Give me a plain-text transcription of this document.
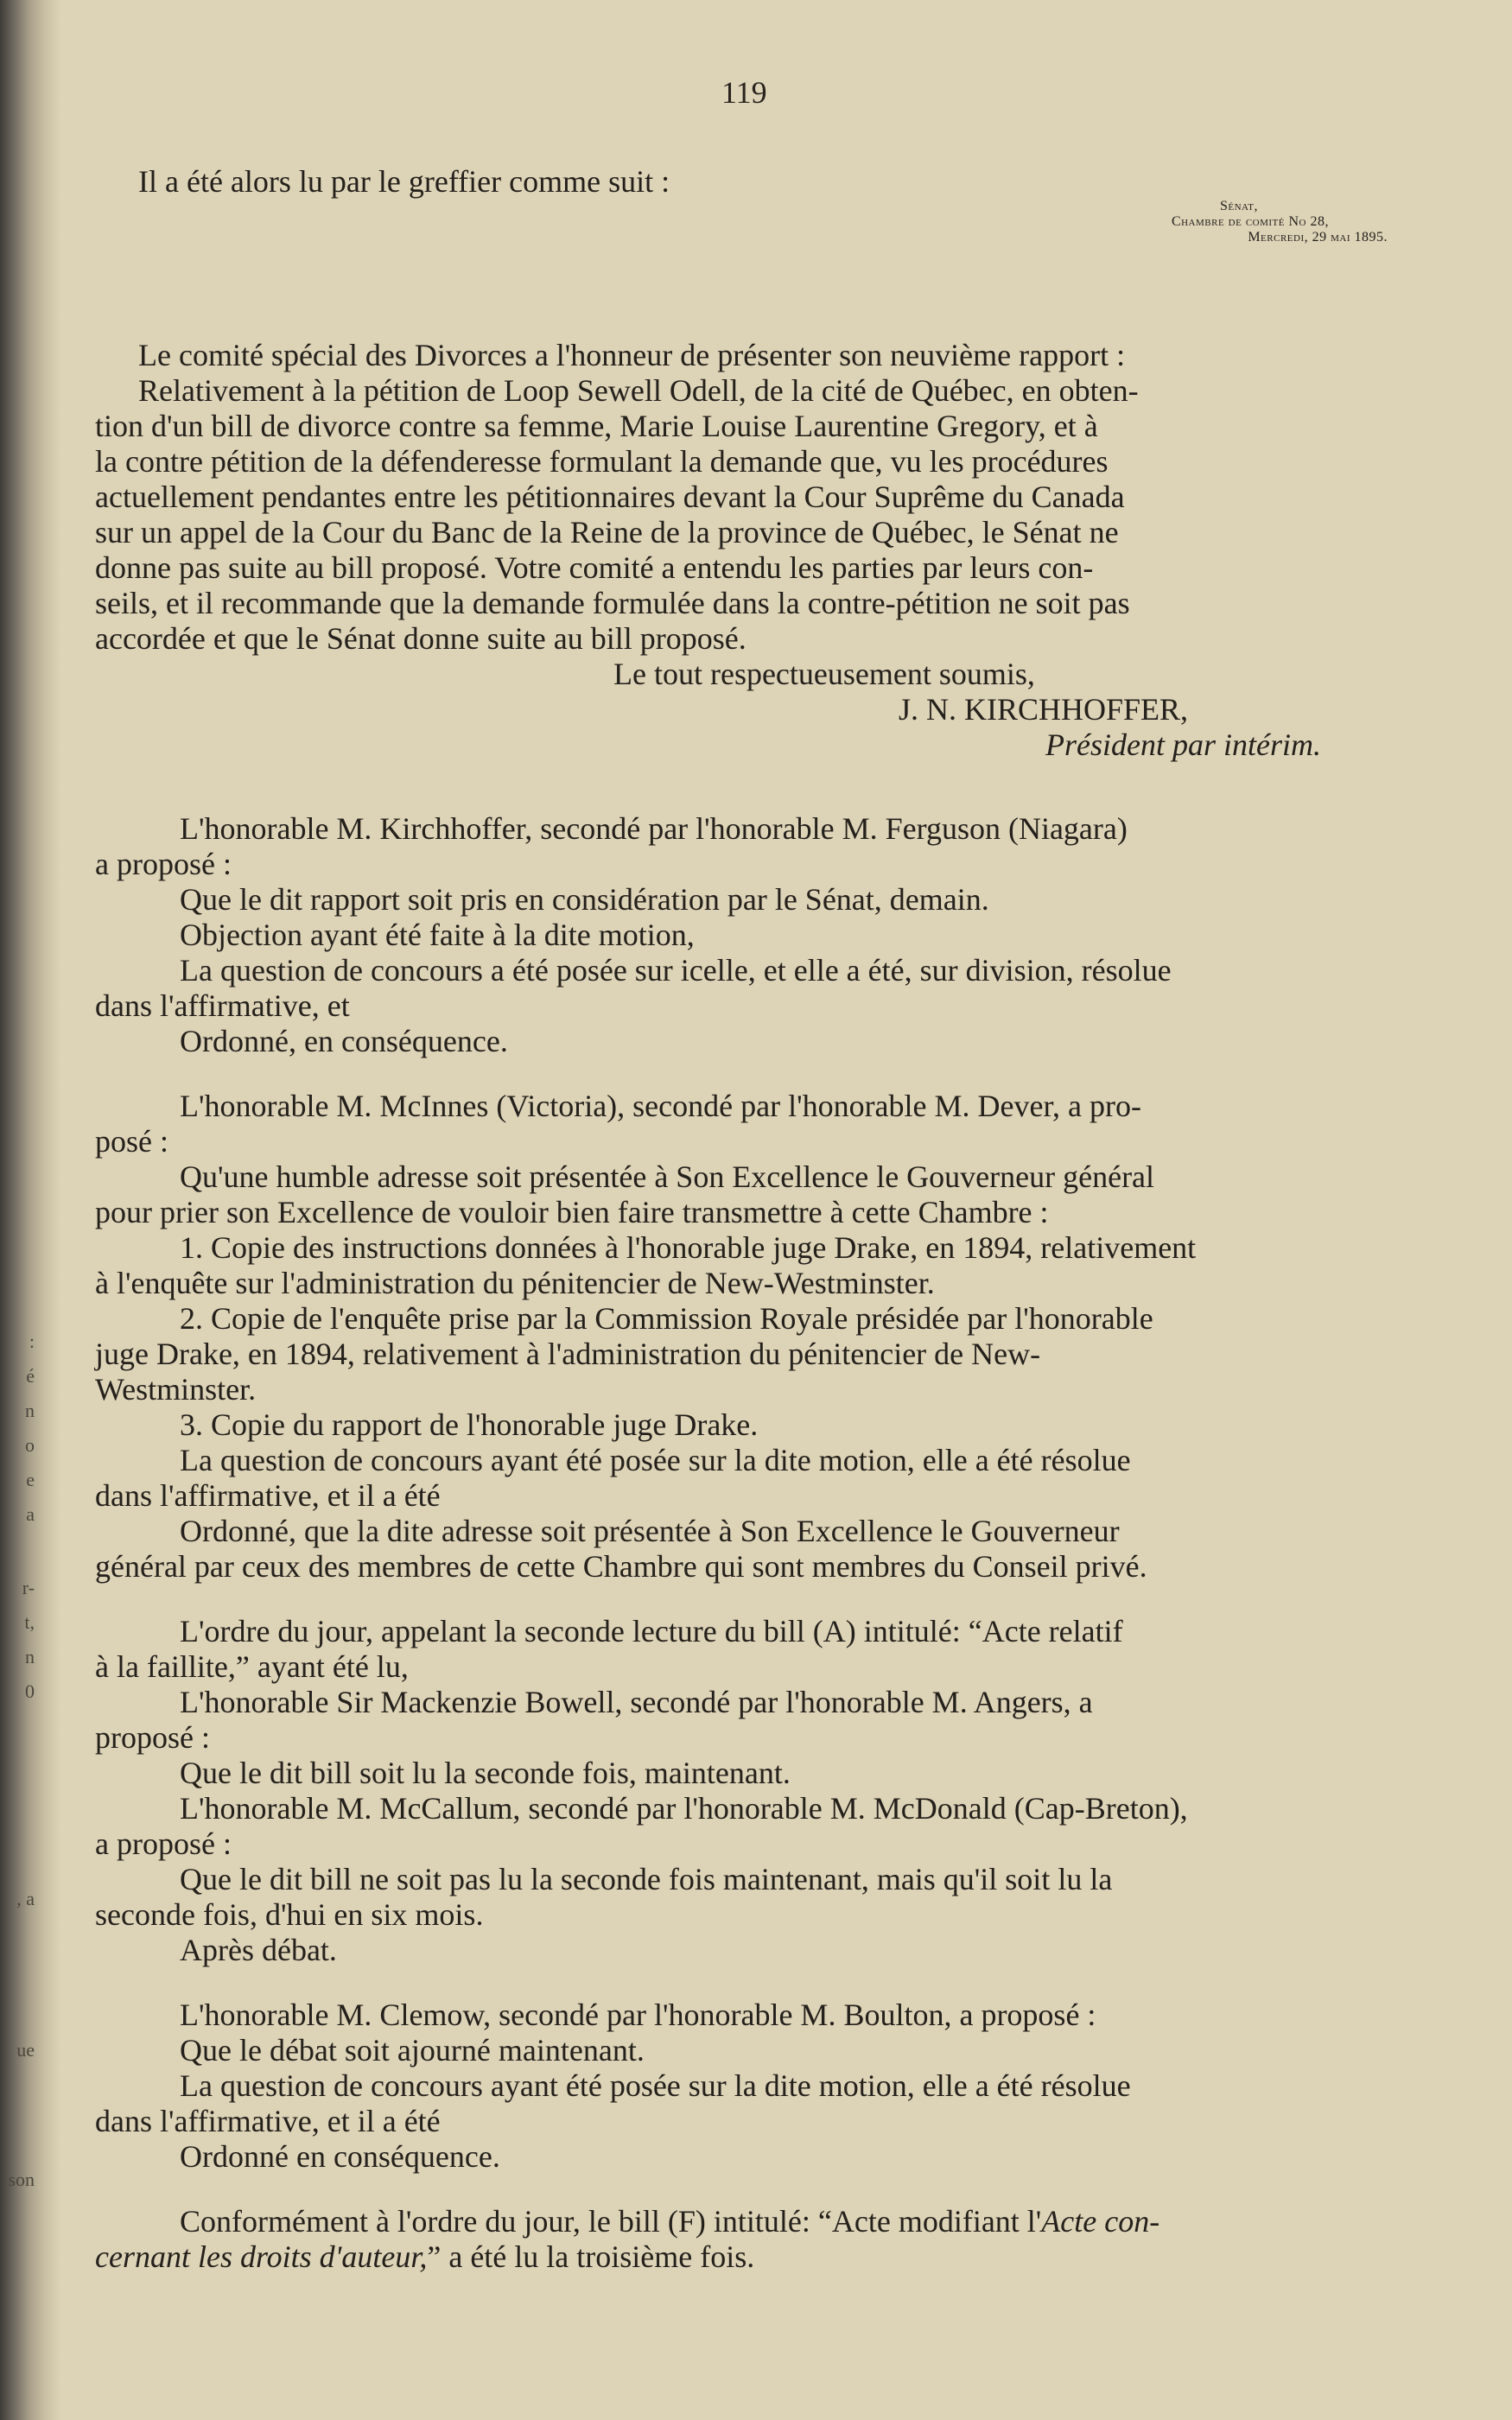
:
é
n
o
e
a
r-
t,
n
0
, a
ue
son
119

Sénat,

Chambre de comité No 28,

Mercredi, 29 mai 1895.

Il a été alors lu par le greffier comme suit :

Le comité spécial des Divorces a l'honneur de présenter son neuvième rapport :

Relativement à la pétition de Loop Sewell Odell, de la cité de Québec, en obten-

tion d'un bill de divorce contre sa femme, Marie Louise Laurentine Gregory, et à

la contre pétition de la défenderesse formulant la demande que, vu les procédures

actuellement pendantes entre les pétitionnaires devant la Cour Suprême du Canada

sur un appel de la Cour du Banc de la Reine de la province de Québec, le Sénat ne

donne pas suite au bill proposé. Votre comité a entendu les parties par leurs con-

seils, et il recommande que la demande formulée dans la contre-pétition ne soit pas

accordée et que le Sénat donne suite au bill proposé.

Le tout respectueusement soumis,
J. N. KIRCHHOFFER,
Président par intérim.

L'honorable M. Kirchhoffer, secondé par l'honorable M. Ferguson (Niagara)

a proposé :

Que le dit rapport soit pris en considération par le Sénat, demain.

Objection ayant été faite à la dite motion,

La question de concours a été posée sur icelle, et elle a été, sur division, résolue

dans l'affirmative, et

Ordonné, en conséquence.

L'honorable M. McInnes (Victoria), secondé par l'honorable M. Dever, a pro-

posé :

Qu'une humble adresse soit présentée à Son Excellence le Gouverneur général

pour prier son Excellence de vouloir bien faire transmettre à cette Chambre :

1. Copie des instructions données à l'honorable juge Drake, en 1894, relativement

à l'enquête sur l'administration du pénitencier de New-Westminster.

2. Copie de l'enquête prise par la Commission Royale présidée par l'honorable

juge Drake, en 1894, relativement à l'administration du pénitencier de New-

Westminster.

3. Copie du rapport de l'honorable juge Drake.

La question de concours ayant été posée sur la dite motion, elle a été résolue

dans l'affirmative, et il a été

Ordonné, que la dite adresse soit présentée à Son Excellence le Gouverneur

général par ceux des membres de cette Chambre qui sont membres du Conseil privé.

L'ordre du jour, appelant la seconde lecture du bill (A) intitulé: “Acte relatif

à la faillite,” ayant été lu,

L'honorable Sir Mackenzie Bowell, secondé par l'honorable M. Angers, a

proposé :

Que le dit bill soit lu la seconde fois, maintenant.

L'honorable M. McCallum, secondé par l'honorable M. McDonald (Cap-Breton),

a proposé :

Que le dit bill ne soit pas lu la seconde fois maintenant, mais qu'il soit lu la

seconde fois, d'hui en six mois.

Après débat.

L'honorable M. Clemow, secondé par l'honorable M. Boulton, a proposé :

Que le débat soit ajourné maintenant.

La question de concours ayant été posée sur la dite motion, elle a été résolue

dans l'affirmative, et il a été

Ordonné en conséquence.

Conformément à l'ordre du jour, le bill (F) intitulé: “Acte modifiant l'Acte con-

cernant les droits d'auteur,” a été lu la troisième fois.
